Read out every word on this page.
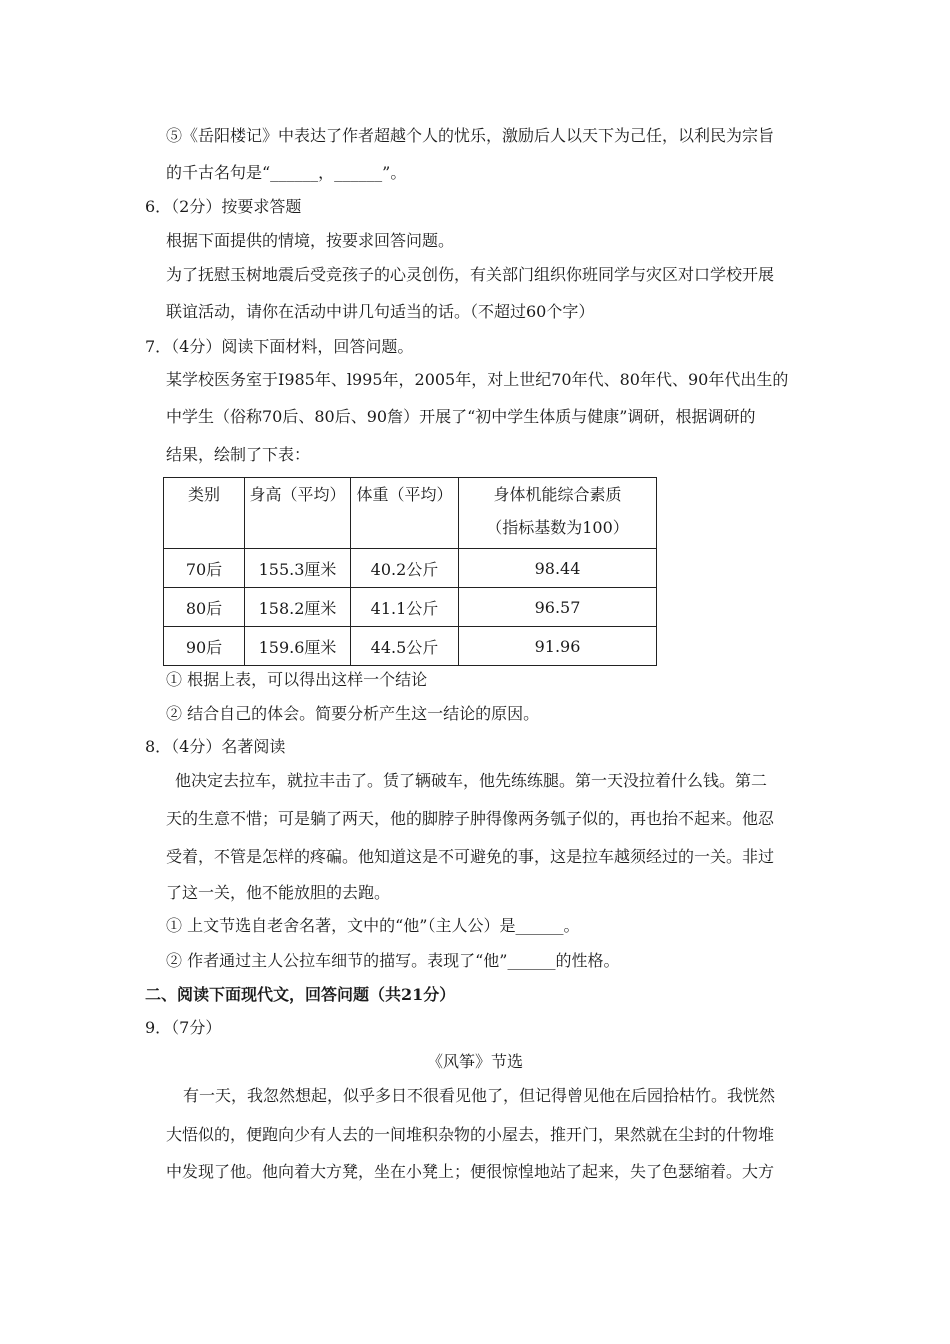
⑤《岳阳楼记》中表达了作者超越个人的忧乐，激励后人以天下为己任，以利民为宗旨
的千古名句是“______，______”。
6．（2分）按要求答题
根据下面提供的情境，按要求回答问题。
为了抚慰玉树地震后受竞孩子的心灵创伤，有关部门组织你班同学与灾区对口学校开展
联谊活动，请你在活动中讲几句适当的话。（不超过60个字）
7．（4分）阅读下面材料，回答问题。
某学校医务室于I985年、l995年，2005年，对上世纪70年代、80年代、90年代出生的
中学生（俗称70后、80后、90詹）开展了“初中学生体质与健康”调研，根据调研的
结果，绘制了下表：
类别	身高（平均）	体重（平均）	身体机能综合素质
（指标基数为100）

70后	155.3厘米	40.2公斤	98.44
80后	158.2厘米	41.1公斤	96.57
90后	159.6厘米	44.5公斤	91.96
① 根据上表，可以得出这样一个结论
② 结合自己的体会。简要分析产生这一结论的原因。
8．（4分）名著阅读
他决定去拉车，就拉丰击了。赁了辆破车，他先练练腿。第一天没拉着什么钱。第二
天的生意不惜；可是躺了两天，他的脚脖子肿得像两务瓠子似的，再也抬不起来。他忍
受着，不管是怎样的疼碥。他知道这是不可避免的事，这是拉车越须经过的一关。非过
了这一关，他不能放胆的去跑。
① 上文节选自老舍名著，文中的“他”（主人公）是______。
② 作者通过主人公拉车细节的描写。表现了“他”______的性格。
二、阅读下面现代文，回答问题（共21分）
9．（7分）
《风筝》节选
有一天，我忽然想起，似乎多日不很看见他了，但记得曾见他在后园拾枯竹。我恍然
大悟似的，便跑向少有人去的一间堆积杂物的小屋去，推开门，果然就在尘封的什物堆
中发现了他。他向着大方凳，坐在小凳上；便很惊惶地站了起来，失了色瑟缩着。大方
